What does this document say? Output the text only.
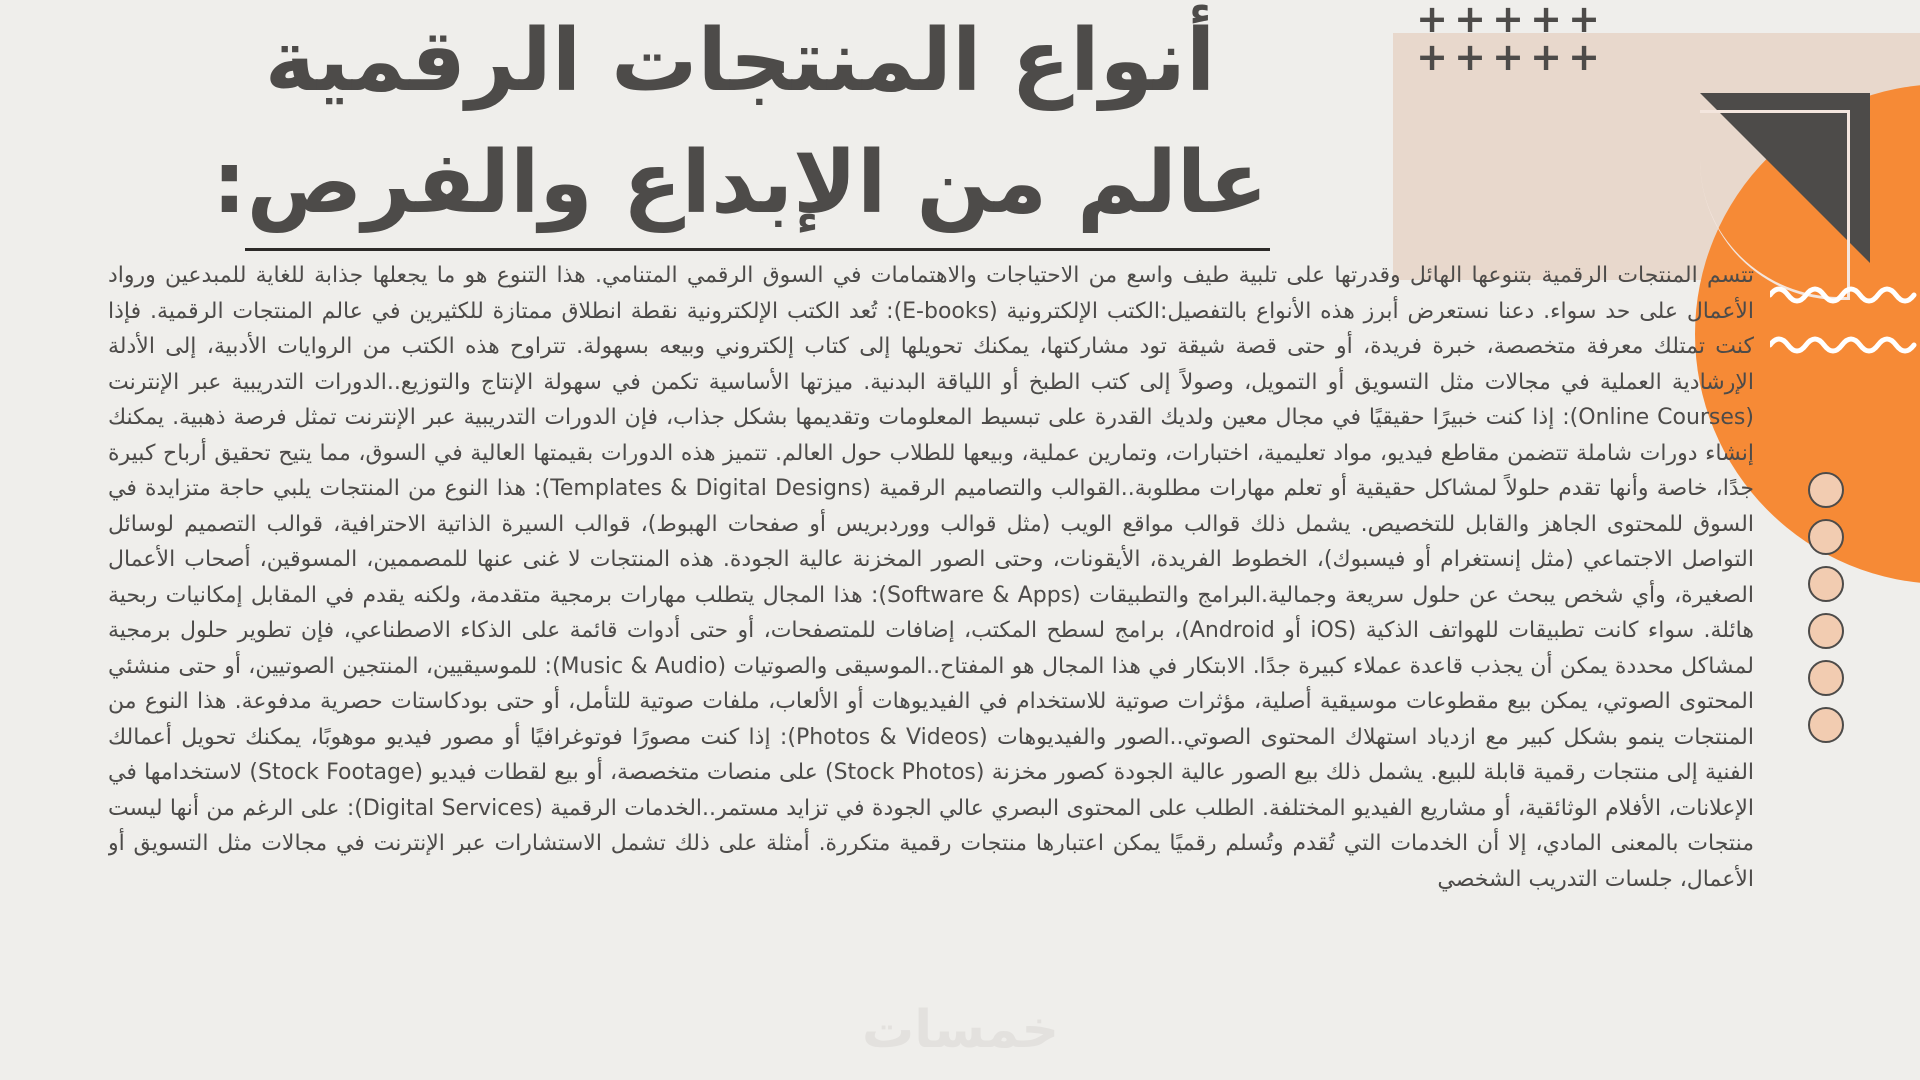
+ + + + +
+ + + + +
أنواع المنتجات الرقمية
عالم من الإبداع والفرص:

تتسم المنتجات الرقمية بتنوعها الهائل وقدرتها على تلبية طيف واسع من الاحتياجات والاهتمامات في السوق الرقمي المتنامي. هذا التنوع هو ما يجعلها جذابة للغاية للمبدعين ورواد الأعمال على حد سواء. دعنا نستعرض أبرز هذه الأنواع بالتفصيل:الكتب الإلكترونية (E-books): تُعد الكتب الإلكترونية نقطة انطلاق ممتازة للكثيرين في عالم المنتجات الرقمية. فإذا كنت تمتلك معرفة متخصصة، خبرة فريدة، أو حتى قصة شيقة تود مشاركتها، يمكنك تحويلها إلى كتاب إلكتروني وبيعه بسهولة. تتراوح هذه الكتب من الروايات الأدبية، إلى الأدلة الإرشادية العملية في مجالات مثل التسويق أو التمويل، وصولاً إلى كتب الطبخ أو اللياقة البدنية. ميزتها الأساسية تكمن في سهولة الإنتاج والتوزيع..الدورات التدريبية عبر الإنترنت (Online Courses): إذا كنت خبيرًا حقيقيًا في مجال معين ولديك القدرة على تبسيط المعلومات وتقديمها بشكل جذاب، فإن الدورات التدريبية عبر الإنترنت تمثل فرصة ذهبية. يمكنك إنشاء دورات شاملة تتضمن مقاطع فيديو، مواد تعليمية، اختبارات، وتمارين عملية، وبيعها للطلاب حول العالم. تتميز هذه الدورات بقيمتها العالية في السوق، مما يتيح تحقيق أرباح كبيرة جدًا، خاصة وأنها تقدم حلولاً لمشاكل حقيقية أو تعلم مهارات مطلوبة..القوالب والتصاميم الرقمية (Templates & Digital Designs): هذا النوع من المنتجات يلبي حاجة متزايدة في السوق للمحتوى الجاهز والقابل للتخصيص. يشمل ذلك قوالب مواقع الويب (مثل قوالب ووردبريس أو صفحات الهبوط)، قوالب السيرة الذاتية الاحترافية، قوالب التصميم لوسائل التواصل الاجتماعي (مثل إنستغرام أو فيسبوك)، الخطوط الفريدة، الأيقونات، وحتى الصور المخزنة عالية الجودة. هذه المنتجات لا غنى عنها للمصممين، المسوقين، أصحاب الأعمال الصغيرة، وأي شخص يبحث عن حلول سريعة وجمالية.البرامج والتطبيقات (Software & Apps): هذا المجال يتطلب مهارات برمجية متقدمة، ولكنه يقدم في المقابل إمكانيات ربحية هائلة. سواء كانت تطبيقات للهواتف الذكية (iOS أو Android)، برامج لسطح المكتب، إضافات للمتصفحات، أو حتى أدوات قائمة على الذكاء الاصطناعي، فإن تطوير حلول برمجية لمشاكل محددة يمكن أن يجذب قاعدة عملاء كبيرة جدًا. الابتكار في هذا المجال هو المفتاح..الموسيقى والصوتيات (Music & Audio): للموسيقيين، المنتجين الصوتيين، أو حتى منشئي المحتوى الصوتي، يمكن بيع مقطوعات موسيقية أصلية، مؤثرات صوتية للاستخدام في الفيديوهات أو الألعاب، ملفات صوتية للتأمل، أو حتى بودكاستات حصرية مدفوعة. هذا النوع من المنتجات ينمو بشكل كبير مع ازدياد استهلاك المحتوى الصوتي..الصور والفيديوهات (Photos & Videos): إذا كنت مصورًا فوتوغرافيًا أو مصور فيديو موهوبًا، يمكنك تحويل أعمالك الفنية إلى منتجات رقمية قابلة للبيع. يشمل ذلك بيع الصور عالية الجودة كصور مخزنة (Stock Photos) على منصات متخصصة، أو بيع لقطات فيديو (Stock Footage) لاستخدامها في الإعلانات، الأفلام الوثائقية، أو مشاريع الفيديو المختلفة. الطلب على المحتوى البصري عالي الجودة في تزايد مستمر..الخدمات الرقمية (Digital Services): على الرغم من أنها ليست منتجات بالمعنى المادي، إلا أن الخدمات التي تُقدم وتُسلم رقميًا يمكن اعتبارها منتجات رقمية متكررة. أمثلة على ذلك تشمل الاستشارات عبر الإنترنت في مجالات مثل التسويق أو الأعمال، جلسات التدريب الشخصي

خمسات
